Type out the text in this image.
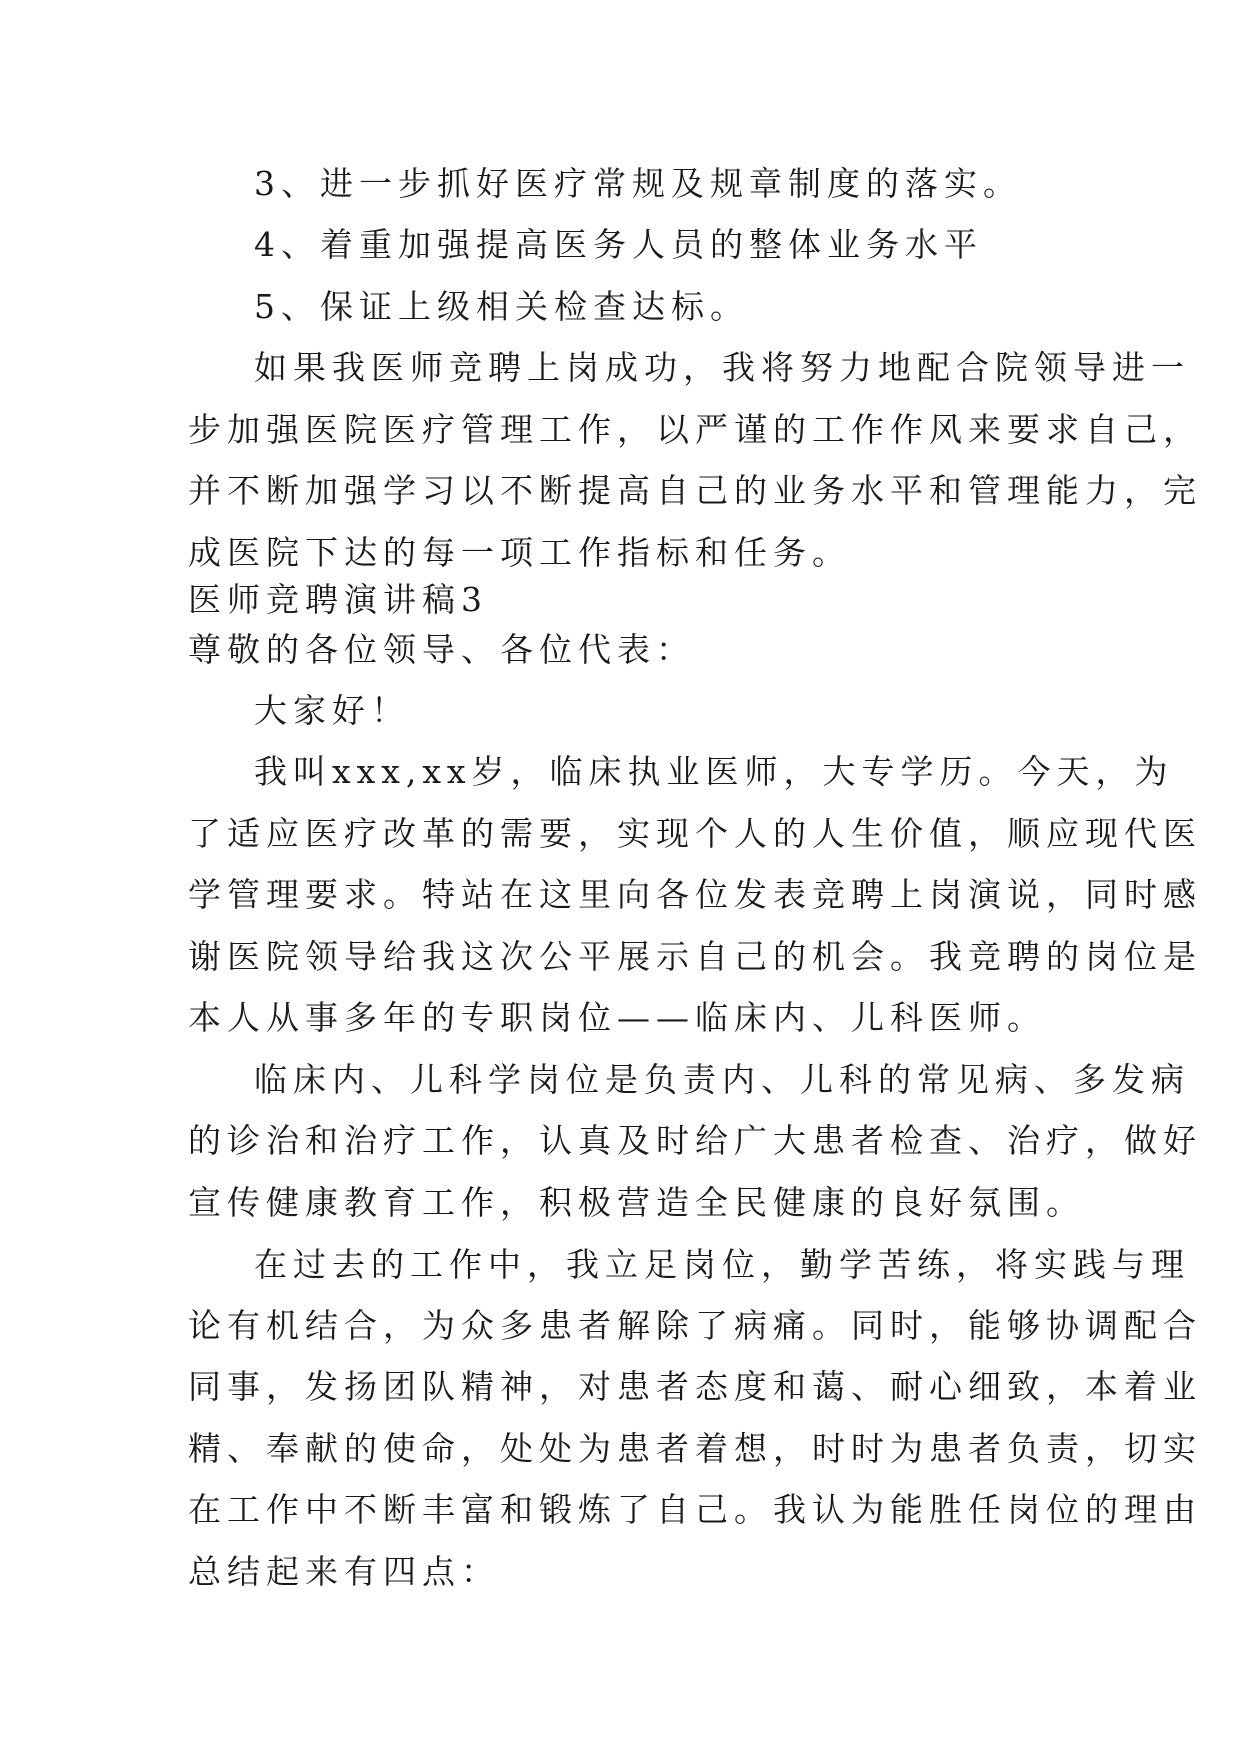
3、进一步抓好医疗常规及规章制度的落实。
4、着重加强提高医务人员的整体业务水平
5、保证上级相关检查达标。
如果我医师竞聘上岗成功，我将努力地配合院领导进一
步加强医院医疗管理工作，以严谨的工作作风来要求自己，
并不断加强学习以不断提高自己的业务水平和管理能力，完
成医院下达的每一项工作指标和任务。
医师竞聘演讲稿3
尊敬的各位领导、各位代表：
大家好！
我叫xxx,xx岁，临床执业医师，大专学历。今天，为
了适应医疗改革的需要，实现个人的人生价值，顺应现代医
学管理要求。特站在这里向各位发表竞聘上岗演说，同时感
谢医院领导给我这次公平展示自己的机会。我竞聘的岗位是
本人从事多年的专职岗位——临床内、儿科医师。
临床内、儿科学岗位是负责内、儿科的常见病、多发病
的诊治和治疗工作，认真及时给广大患者检查、治疗，做好
宣传健康教育工作，积极营造全民健康的良好氛围。
在过去的工作中，我立足岗位，勤学苦练，将实践与理
论有机结合，为众多患者解除了病痛。同时，能够协调配合
同事，发扬团队精神，对患者态度和蔼、耐心细致，本着业
精、奉献的使命，处处为患者着想，时时为患者负责，切实
在工作中不断丰富和锻炼了自己。我认为能胜任岗位的理由
总结起来有四点：
